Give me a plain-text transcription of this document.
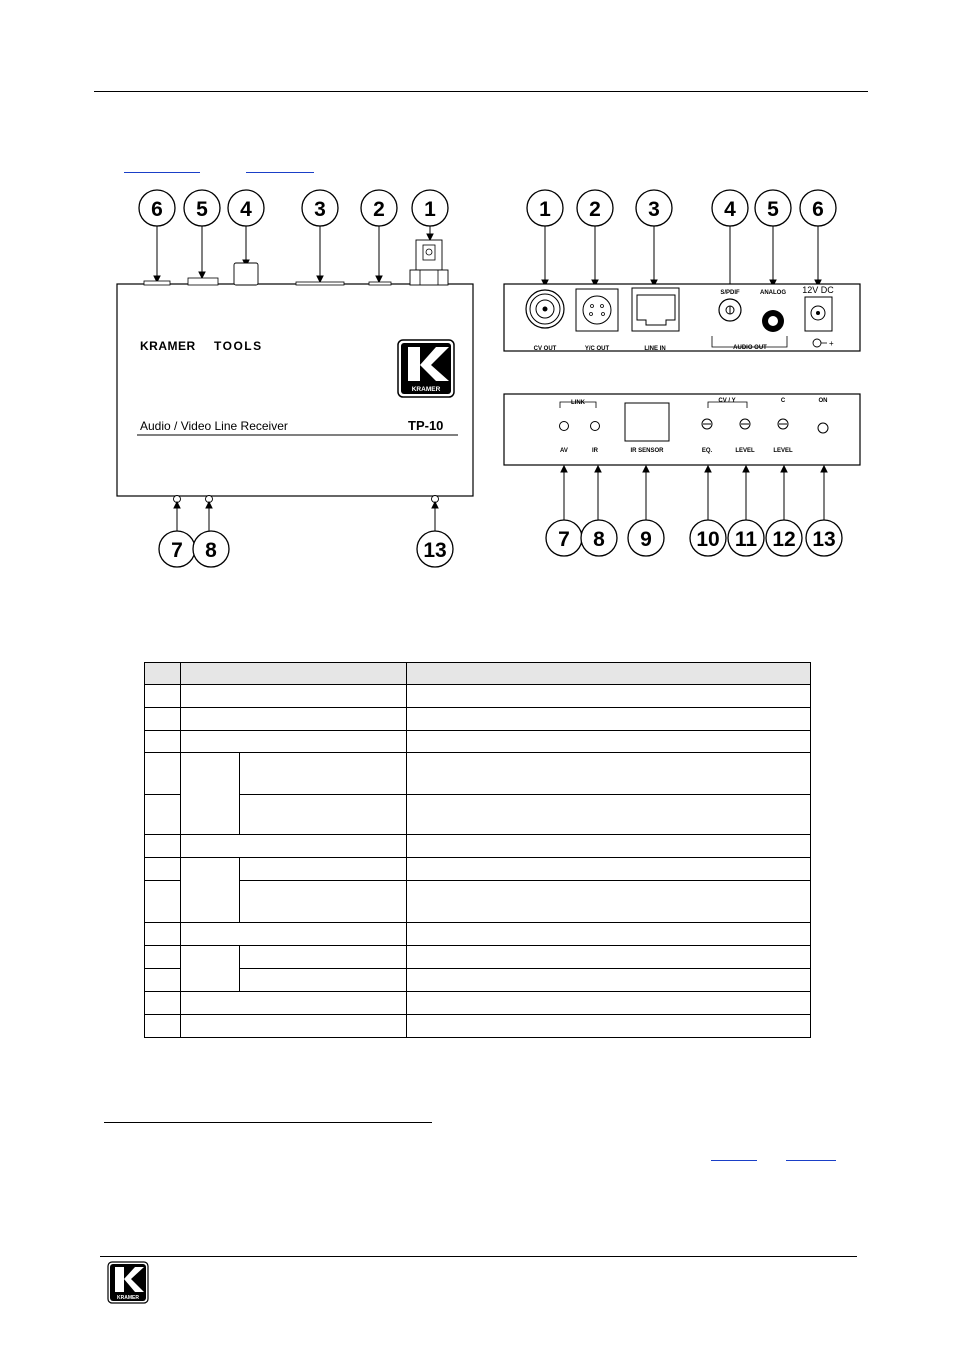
6 5 4	3 2 1
KRAMER TOOLS
KRAMER
Audio / Video Line Receiver	TP-10
7 8	13
1 2 3	4 5 6
CV OUT	Y/C OUT	LINE IN
S/PDIF	ANALOG
AUDIO OUT
12V DC
+
LINK
AV	IR	IR SENSOR
CV / Y	C	ON
EQ.	LEVEL	LEVEL
7 8 9 10 11 12 13

KRAMER
